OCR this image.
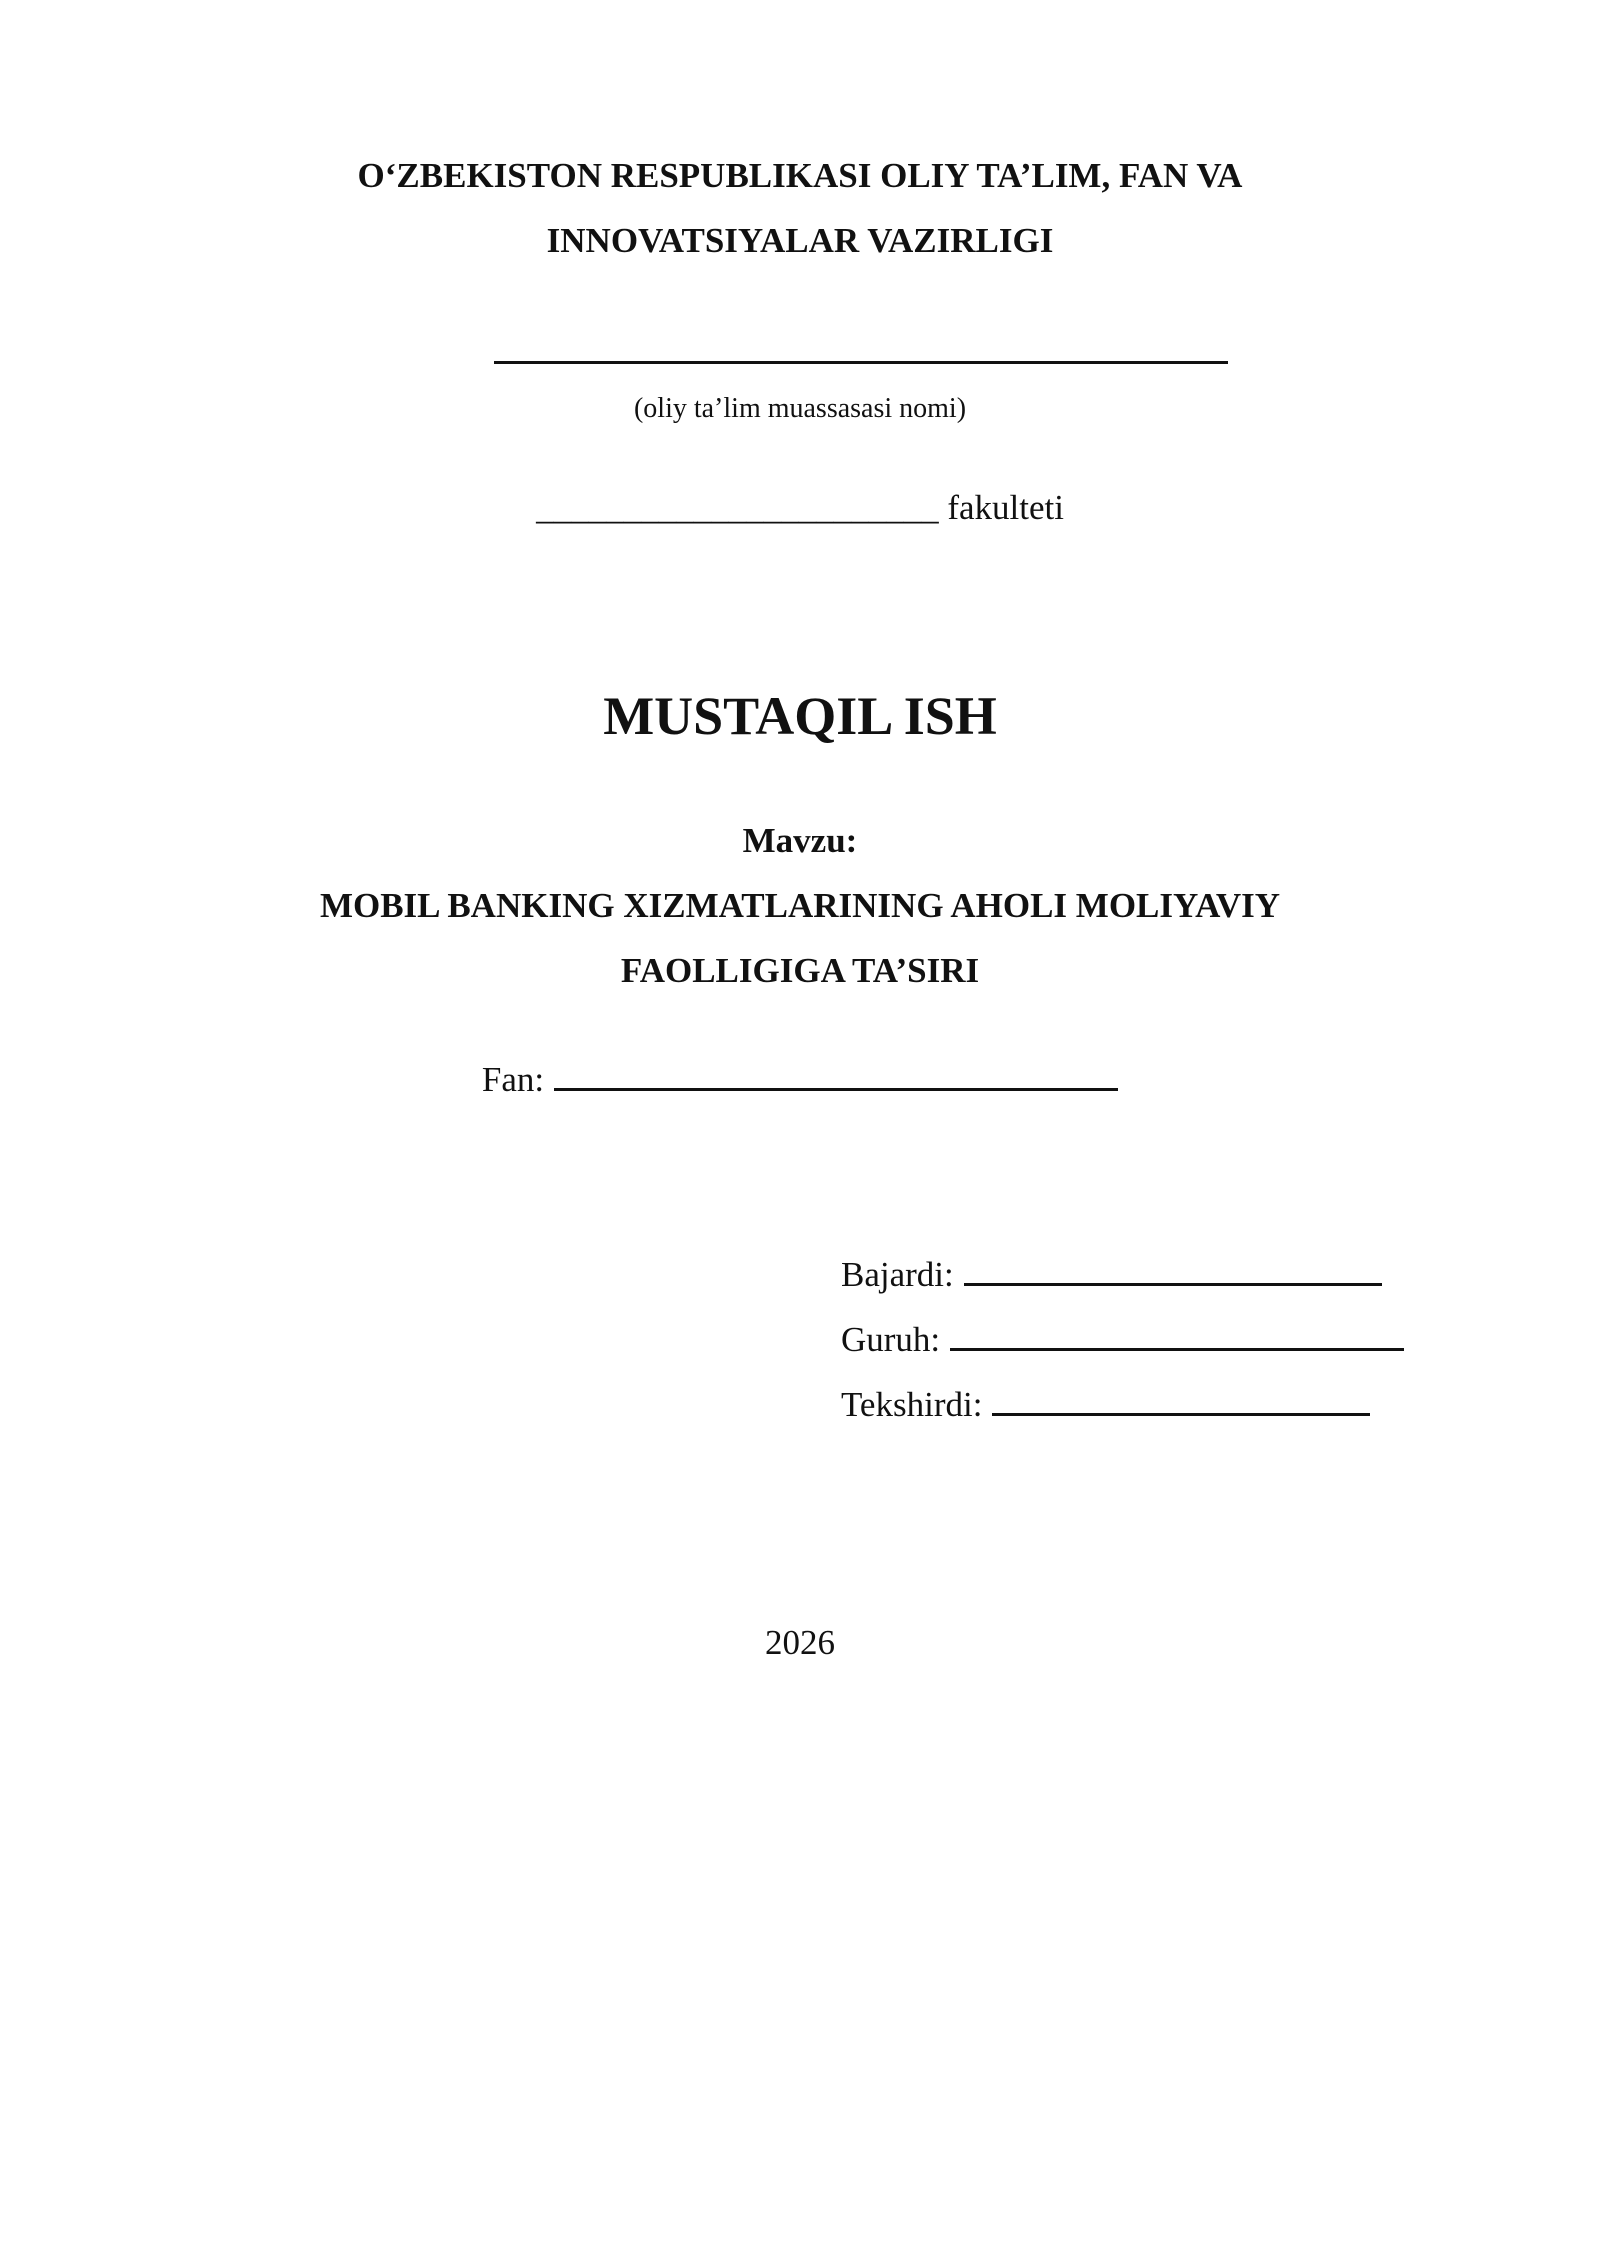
O‘ZBEKISTON RESPUBLIKASI OLIY TA’LIM, FAN VA
INNOVATSIYALAR VAZIRLIGI
(oliy ta’lim muassasasi nomi)
_______________________ fakulteti
MUSTAQIL ISH
Mavzu:
MOBIL BANKING XIZMATLARINING AHOLI MOLIYAVIY
FAOLLIGIGA TA’SIRI
Fan:
Bajardi:
Guruh:
Tekshirdi:
2026
